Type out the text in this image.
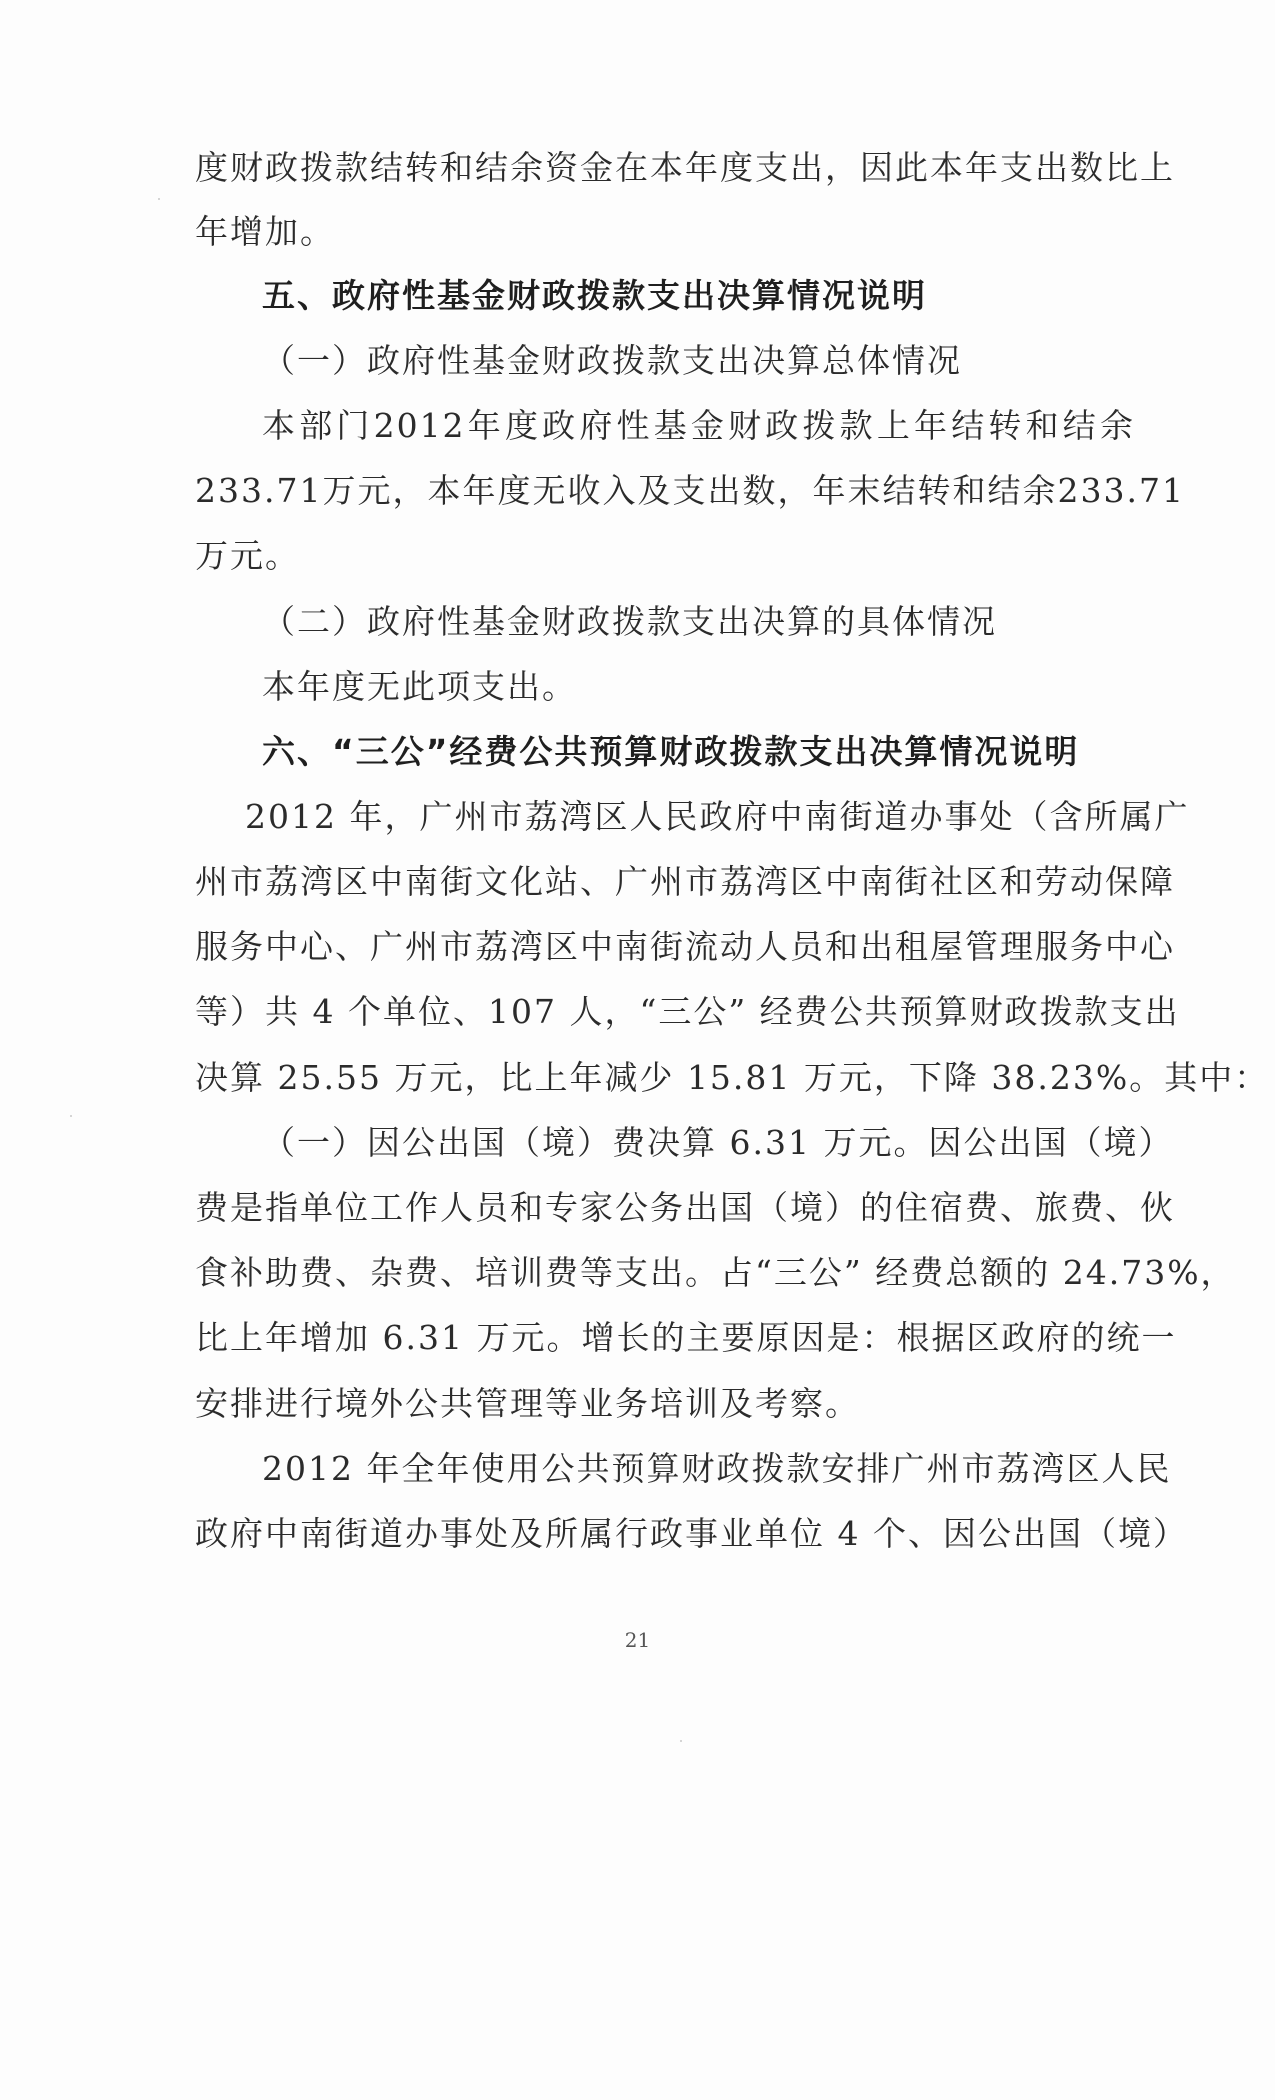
度财政拨款结转和结余资金在本年度支出，因此本年支出数比上
年增加。
五、政府性基金财政拨款支出决算情况说明
（一）政府性基金财政拨款支出决算总体情况
本部门2012年度政府性基金财政拨款上年结转和结余
233.71万元，本年度无收入及支出数，年末结转和结余233.71
万元。
（二）政府性基金财政拨款支出决算的具体情况
本年度无此项支出。
六、“三公”经费公共预算财政拨款支出决算情况说明
2012 年，广州市荔湾区人民政府中南街道办事处（含所属广
州市荔湾区中南街文化站、广州市荔湾区中南街社区和劳动保障
服务中心、广州市荔湾区中南街流动人员和出租屋管理服务中心
等）共 4 个单位、107 人，“三公” 经费公共预算财政拨款支出
决算 25.55 万元，比上年减少 15.81 万元，下降 38.23%。其中：
（一）因公出国（境）费决算 6.31 万元。因公出国（境）
费是指单位工作人员和专家公务出国（境）的住宿费、旅费、伙
食补助费、杂费、培训费等支出。占“三公” 经费总额的 24.73%，
比上年增加 6.31 万元。增长的主要原因是：根据区政府的统一
安排进行境外公共管理等业务培训及考察。
2012 年全年使用公共预算财政拨款安排广州市荔湾区人民
政府中南街道办事处及所属行政事业单位 4 个、因公出国（境）
21
